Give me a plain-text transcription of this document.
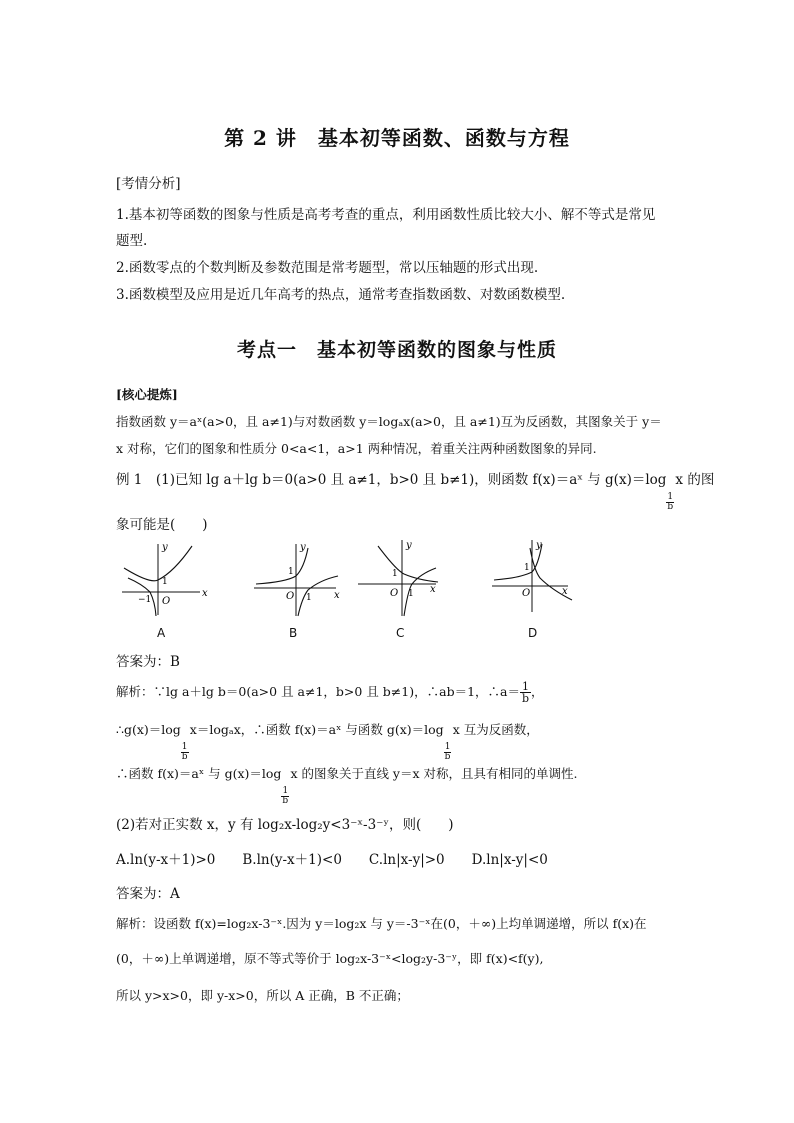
第 2 讲　基本初等函数、函数与方程
[考情分析]
1.基本初等函数的图象与性质是高考考查的重点，利用函数性质比较大小、解不等式是常见
题型.
2.函数零点的个数判断及参数范围是常考题型，常以压轴题的形式出现.
3.函数模型及应用是近几年高考的热点，通常考查指数函数、对数函数模型.
考点一　基本初等函数的图象与性质
[核心提炼]
指数函数 y＝aˣ(a>0，且 a≠1)与对数函数 y＝logₐx(a>0，且 a≠1)互为反函数，其图象关于 y＝
x 对称，它们的图象和性质分 0<a<1，a>1 两种情况，着重关注两种函数图象的异同.
例 1　(1)已知 lg a＋lg b＝0(a>0 且 a≠1，b>0 且 b≠1)，则函数 f(x)＝aˣ 与 g(x)＝log
$\frac{1}{b}$
x 的图
象可能是(　　)
y
x
O
1
−1
A
y
x
O
1
1
B
y
x
O
1
1
C
y
x
O
1
D
答案为：B
解析：∵lg a＋lg b＝0(a>0 且 a≠1，b>0 且 b≠1)，∴ab＝1，∴a＝ $\frac{1}{b}$ ，
∴g(x)＝log
$\frac{1}{b}$
x＝logₐx，∴函数 f(x)＝aˣ 与函数 g(x)＝log
$\frac{1}{b}$
x 互为反函数，
∴函数 f(x)＝aˣ 与 g(x)＝log
$\frac{1}{b}$
x 的图象关于直线 y＝x 对称，且具有相同的单调性.
(2)若对正实数 x，y 有 log₂x-log₂y<3⁻ˣ-3⁻ʸ，则(　　)
A.ln(y-x＋1)>0　　B.ln(y-x＋1)<0　　C.ln|x-y|>0　　D.ln|x-y|<0
答案为：A
解析：设函数 f(x)=log₂x-3⁻ˣ.因为 y＝log₂x 与 y＝-3⁻ˣ在(0，＋∞)上均单调递增，所以 f(x)在
(0，＋∞)上单调递增，原不等式等价于 log₂x-3⁻ˣ<log₂y-3⁻ʸ，即 f(x)<f(y),
所以 y>x>0，即 y-x>0，所以 A 正确，B 不正确；
